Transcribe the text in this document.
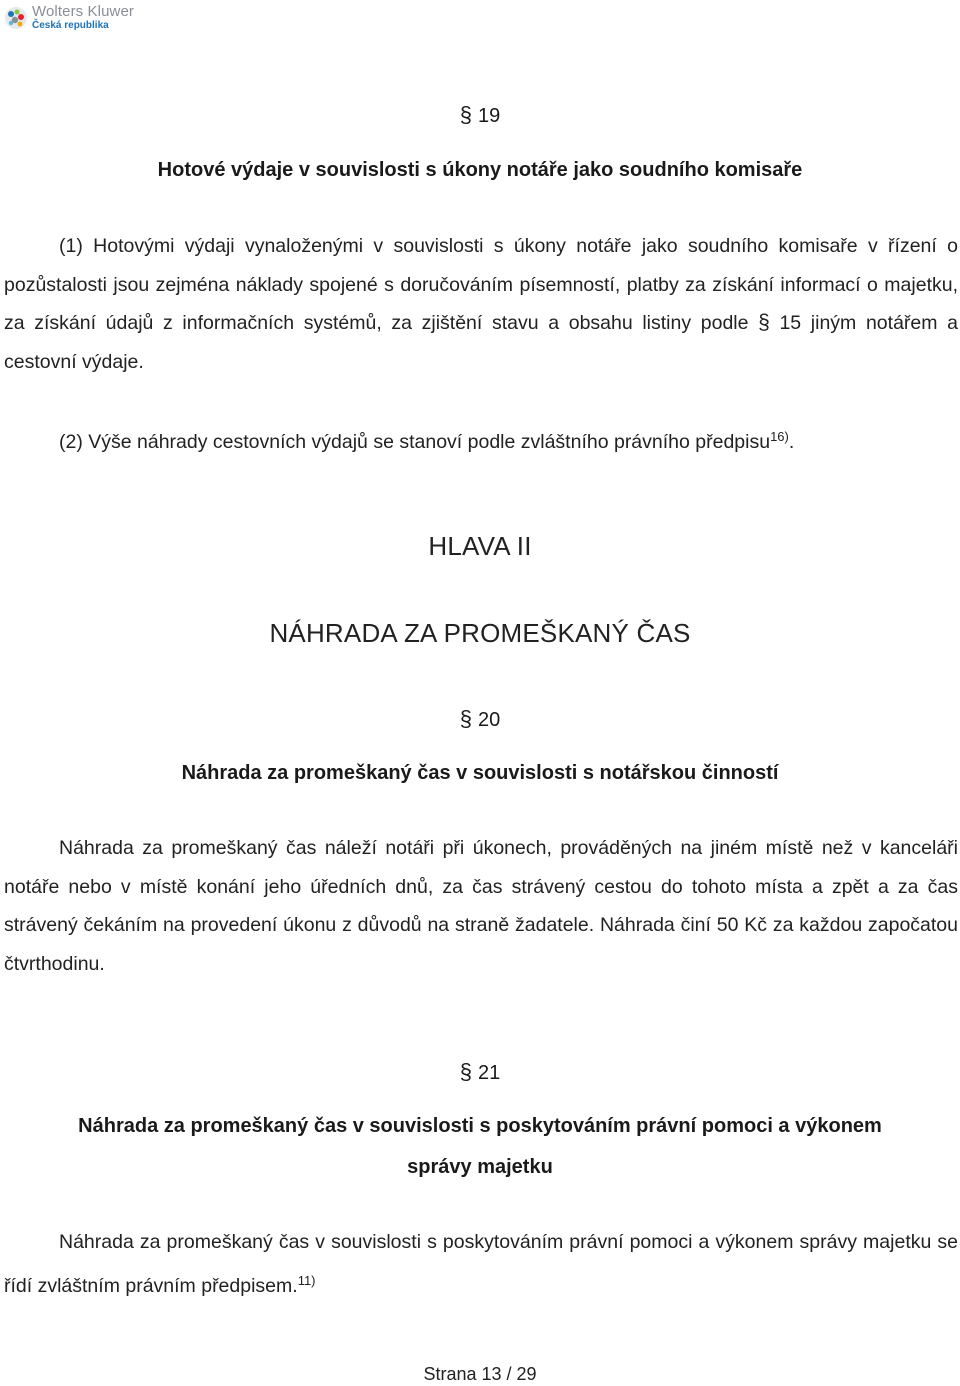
Wolters Kluwer
Česká republika
§ 19
Hotové výdaje v souvislosti s úkony notáře jako soudního komisaře
(1) Hotovými výdaji vynaloženými v souvislosti s úkony notáře jako soudního komisaře v řízení o pozůstalosti jsou zejména náklady spojené s doručováním písemností, platby za získání informací o majetku, za získání údajů z informačních systémů, za zjištění stavu a obsahu listiny podle § 15 jiným notářem a cestovní výdaje.
(2) Výše náhrady cestovních výdajů se stanoví podle zvláštního právního předpisu$^{16)}$.
HLAVA II
NÁHRADA ZA PROMEŠKANÝ ČAS
§ 20
Náhrada za promeškaný čas v souvislosti s notářskou činností
Náhrada za promeškaný čas náleží notáři při úkonech, prováděných na jiném místě než v kanceláři notáře nebo v místě konání jeho úředních dnů, za čas strávený cestou do tohoto místa a zpět a za čas strávený čekáním na provedení úkonu z důvodů na straně žadatele. Náhrada činí 50 Kč za každou započatou čtvrthodinu.
§ 21
Náhrada za promeškaný čas v souvislosti s poskytováním právní pomoci a výkonem
správy majetku
Náhrada za promeškaný čas v souvislosti s poskytováním právní pomoci a výkonem správy majetku se řídí zvláštním právním předpisem.$^{11)}$
Strana 13 / 29
